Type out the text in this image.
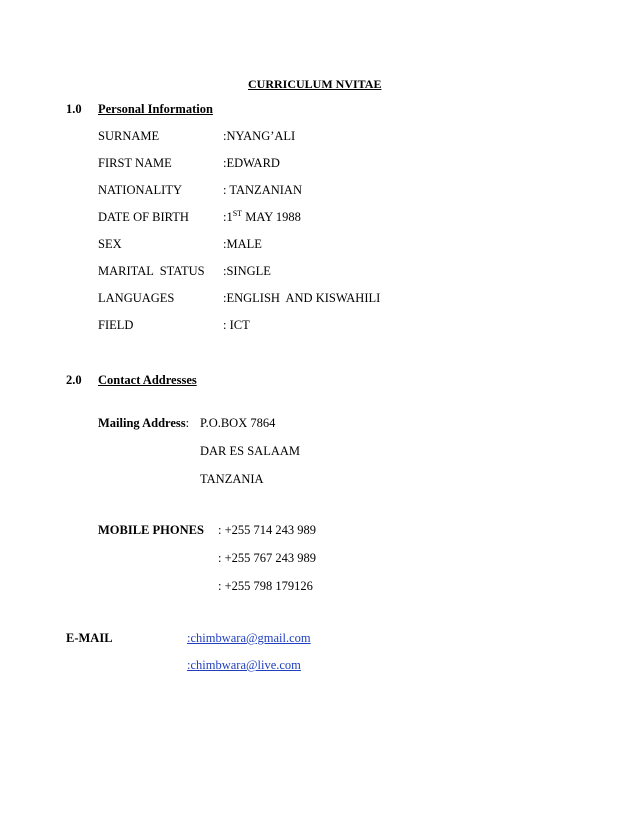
CURRICULUM NVITAE
1.0 Personal Information
SURNAME	:NYANG’ALI
FIRST NAME	:EDWARD
NATIONALITY	: TANZANIAN
DATE OF BIRTH	:1ST MAY 1988
SEX	:MALE
MARITAL  STATUS :SINGLE
LANGUAGES	:ENGLISH  AND KISWAHILI
FIELD	: ICT
2.0 Contact Addresses
Mailing Address: P.O.BOX 7864
DAR ES SALAAM
TANZANIA
MOBILE PHONES : +255 714 243 989
: +255 767 243 989
: +255 798 179126
E-MAIL	:chimbwara@gmail.com
:chimbwara@live.com
